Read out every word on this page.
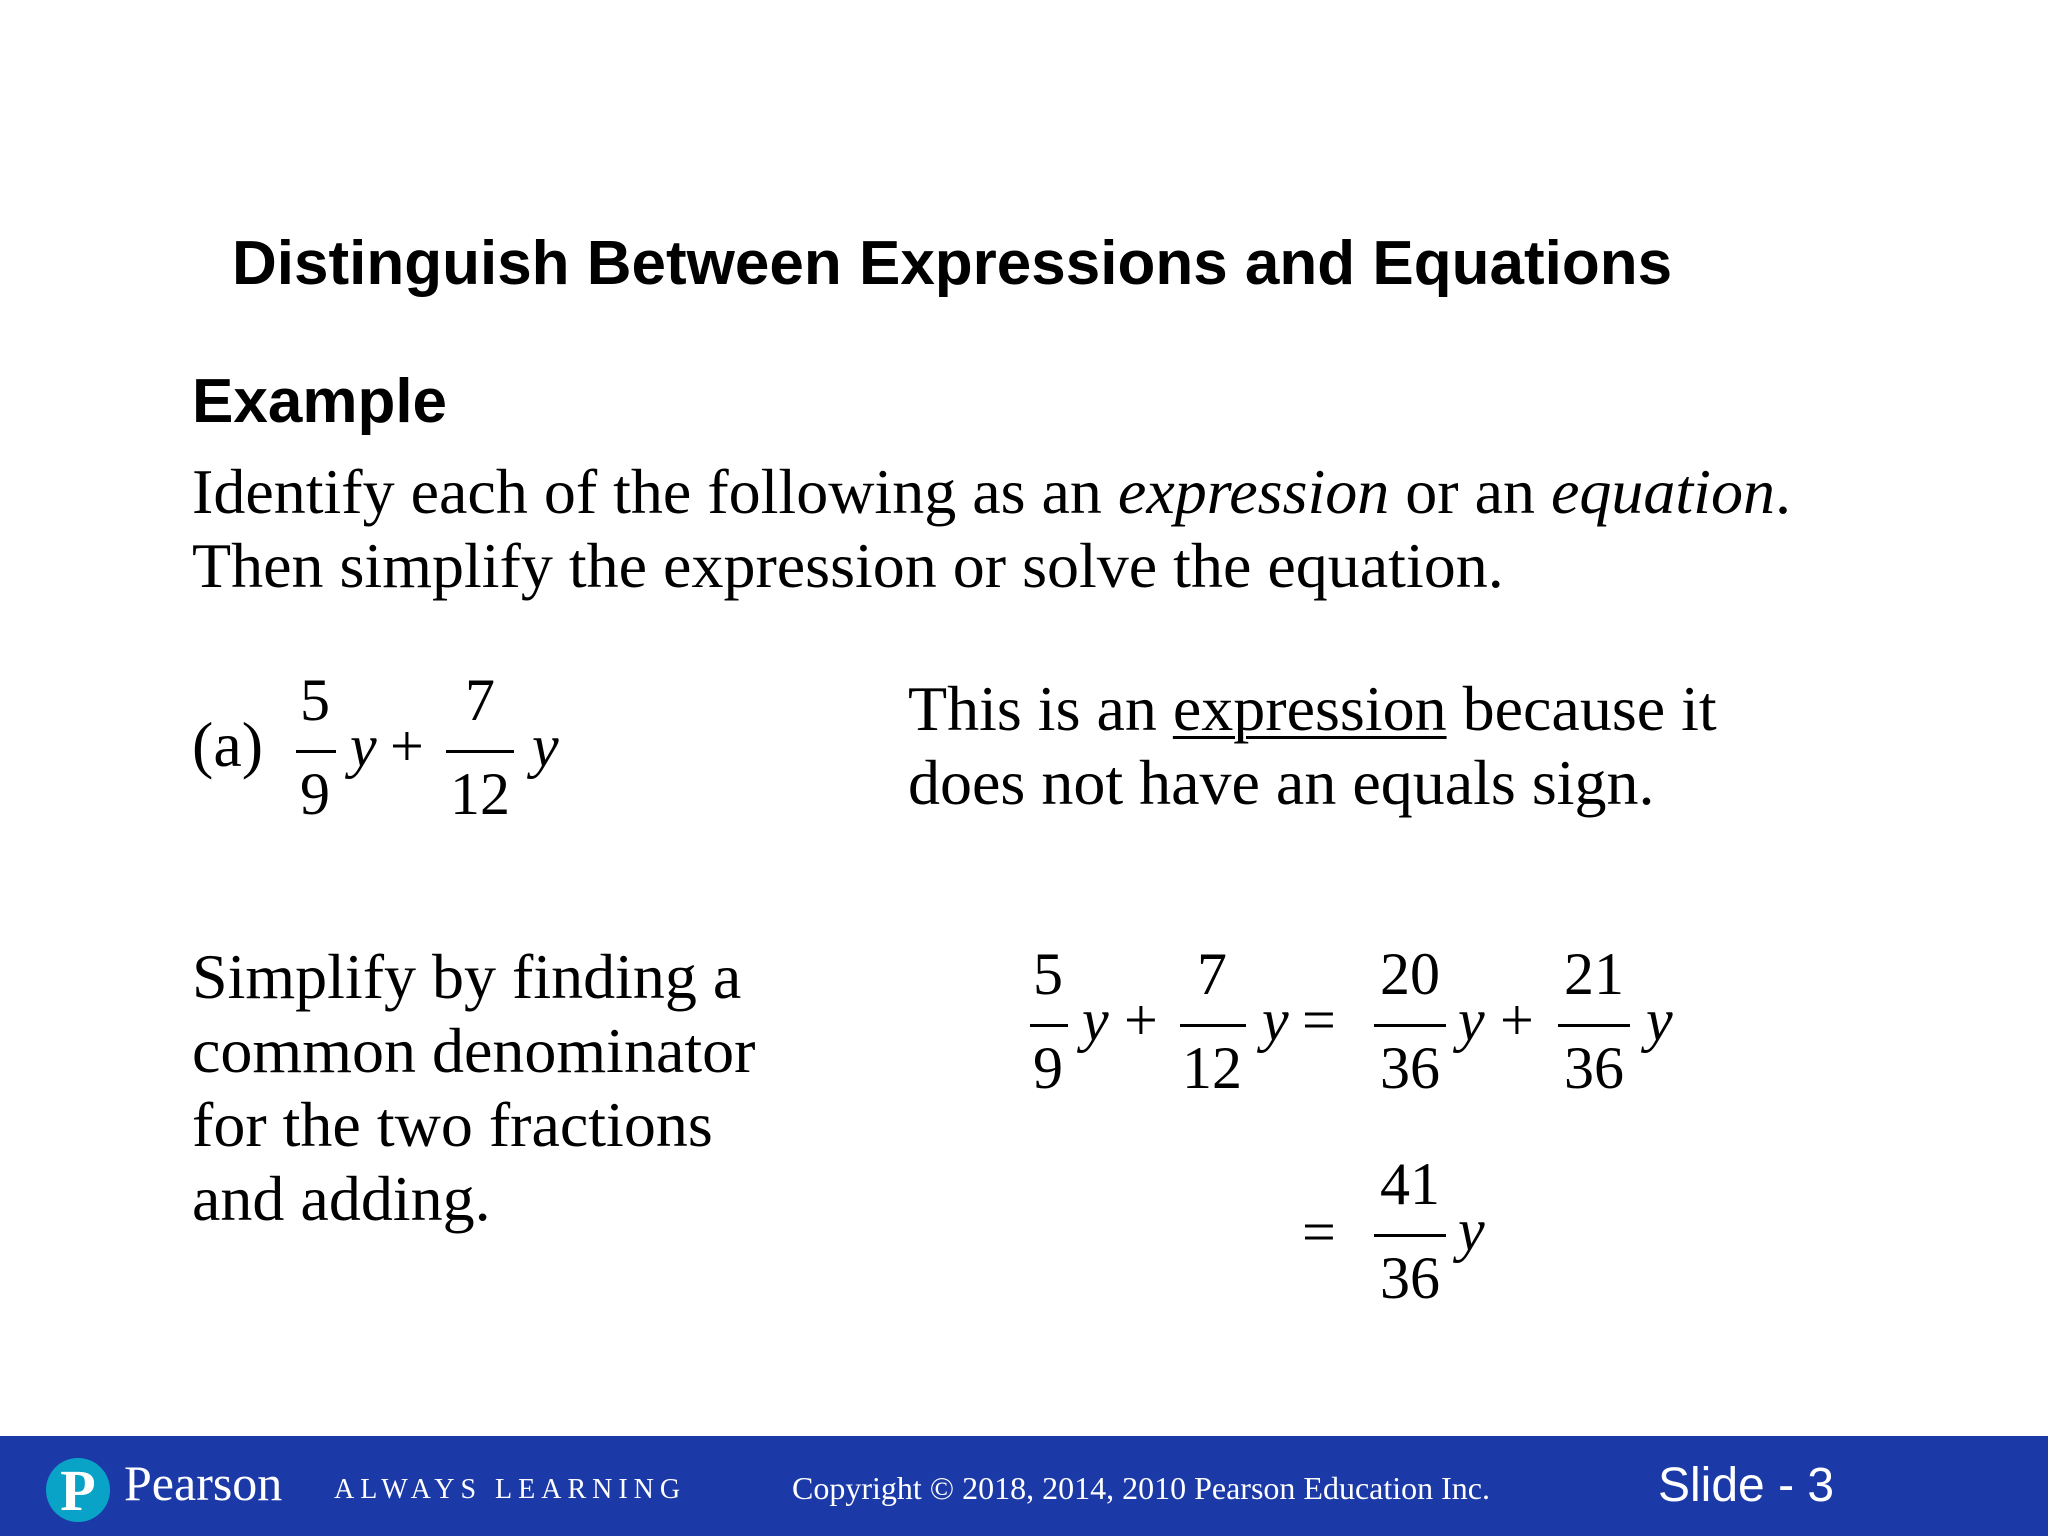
Distinguish Between Expressions and Equations
Example
Identify each of the following as an expression or an equation.
Then simplify the expression or solve the equation.
(a)
5
9
y +
7
12
y
This is an expression because it
does not have an equals sign.
Simplify by finding a
common denominator
for the two fractions
and adding.
5
9
y +
7
12
y =
20
36
y +
21
36
y
=
41
36
y
P Pearson ALWAYS LEARNING	Copyright © 2018, 2014, 2010 Pearson Education Inc.	Slide - 3
